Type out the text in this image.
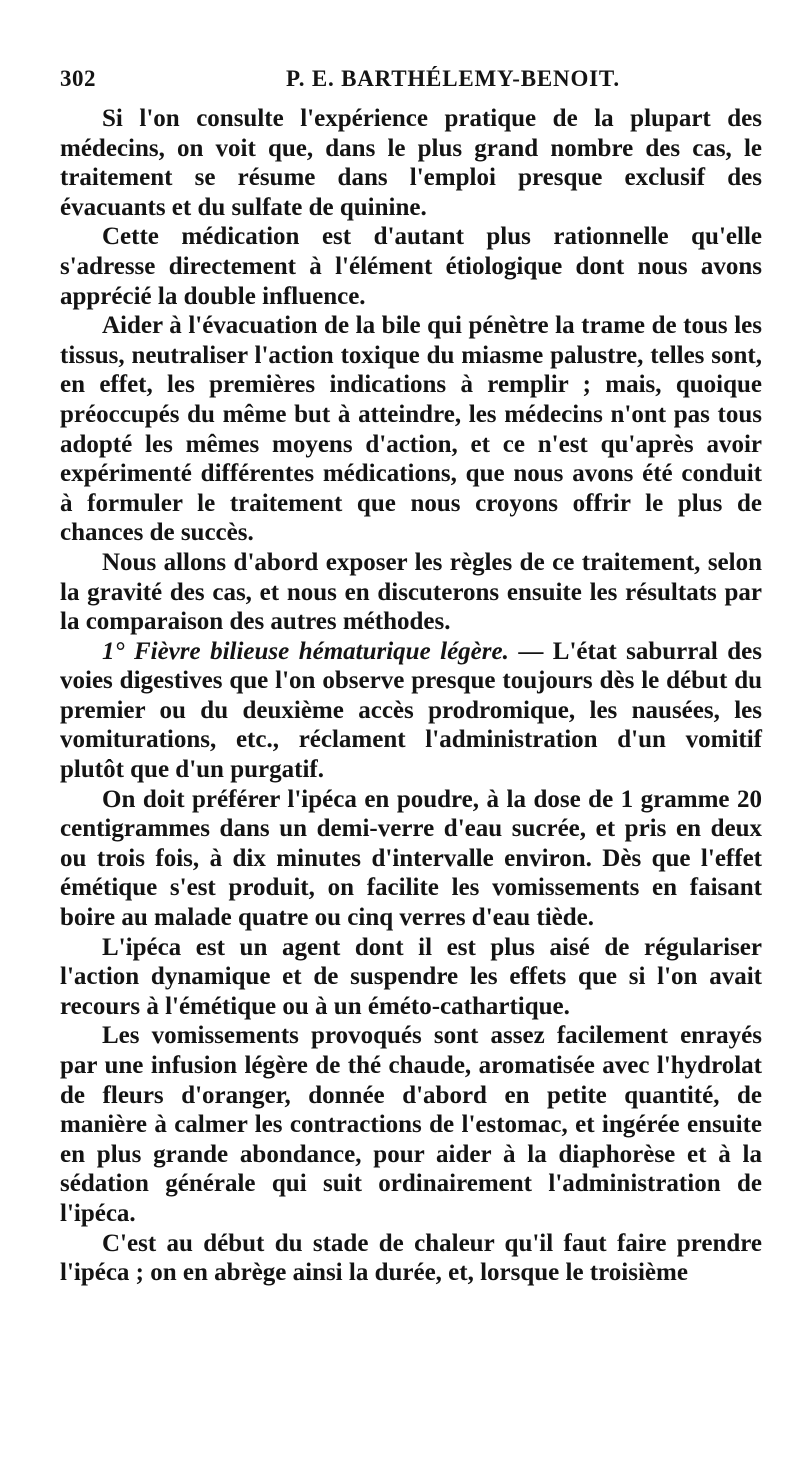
302	P. E. BARTHÉLEMY-BENOIT.

Si l'on consulte l'expérience pratique de la plupart des médecins, on voit que, dans le plus grand nombre des cas, le traitement se résume dans l'emploi presque exclusif des évacuants et du sulfate de quinine.

Cette médication est d'autant plus rationnelle qu'elle s'adresse directement à l'élément étiologique dont nous avons apprécié la double influence.

Aider à l'évacuation de la bile qui pénètre la trame de tous les tissus, neutraliser l'action toxique du miasme palustre, telles sont, en effet, les premières indications à remplir ; mais, quoique préoccupés du même but à atteindre, les médecins n'ont pas tous adopté les mêmes moyens d'action, et ce n'est qu'après avoir expérimenté différentes médications, que nous avons été conduit à formuler le traitement que nous croyons offrir le plus de chances de succès.

Nous allons d'abord exposer les règles de ce traitement, selon la gravité des cas, et nous en discuterons ensuite les résultats par la comparaison des autres méthodes.

1° Fièvre bilieuse hématurique légère. — L'état saburral des voies digestives que l'on observe presque toujours dès le début du premier ou du deuxième accès prodromique, les nausées, les vomiturations, etc., réclament l'administration d'un vomitif plutôt que d'un purgatif.

On doit préférer l'ipéca en poudre, à la dose de 1 gramme 20 centigrammes dans un demi-verre d'eau sucrée, et pris en deux ou trois fois, à dix minutes d'intervalle environ. Dès que l'effet émétique s'est produit, on facilite les vomissements en faisant boire au malade quatre ou cinq verres d'eau tiède.

L'ipéca est un agent dont il est plus aisé de régulariser l'action dynamique et de suspendre les effets que si l'on avait recours à l'émétique ou à un éméto-cathartique.

Les vomissements provoqués sont assez facilement enrayés par une infusion légère de thé chaude, aromatisée avec l'hydrolat de fleurs d'oranger, donnée d'abord en petite quantité, de manière à calmer les contractions de l'estomac, et ingérée ensuite en plus grande abondance, pour aider à la diaphorèse et à la sédation générale qui suit ordinairement l'administration de l'ipéca.

C'est au début du stade de chaleur qu'il faut faire prendre l'ipéca ; on en abrège ainsi la durée, et, lorsque le troisième
